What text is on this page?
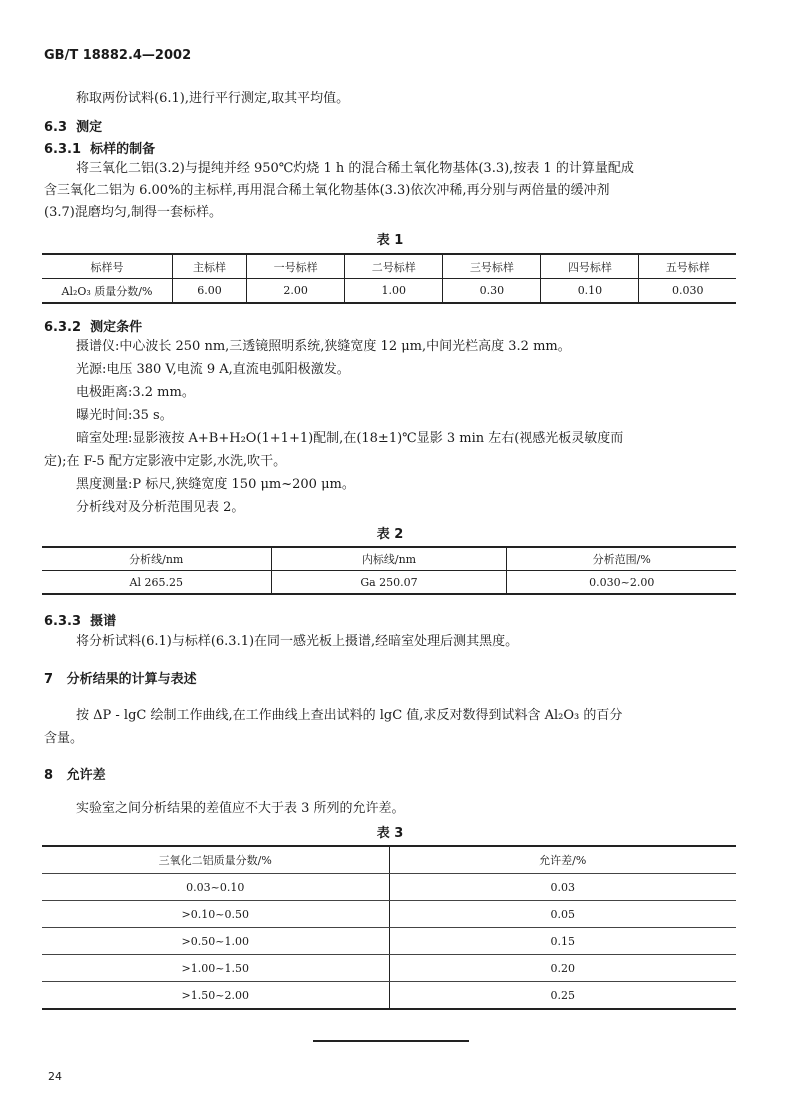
GB/T 18882.4—2002
称取两份试料(6.1),进行平行测定,取其平均值。
6.3 测定
6.3.1 标样的制备
将三氧化二铝(3.2)与提纯并经 950℃灼烧 1 h 的混合稀土氧化物基体(3.3),按表 1 的计算量配成
含三氧化二铝为 6.00%的主标样,再用混合稀土氧化物基体(3.3)依次冲稀,再分别与两倍量的缓冲剂
(3.7)混磨均匀,制得一套标样。
表 1
标样号	主标样	一号标样	二号标样	三号标样	四号标样	五号标样
Al₂O₃ 质量分数/%	6.00	2.00	1.00	0.30	0.10	0.030
6.3.2 测定条件
摄谱仪:中心波长 250 nm,三透镜照明系统,狭缝宽度 12 μm,中间光栏高度 3.2 mm。
光源:电压 380 V,电流 9 A,直流电弧阳极激发。
电极距离:3.2 mm。
曝光时间:35 s。
暗室处理:显影液按 A+B+H₂O(1+1+1)配制,在(18±1)℃显影 3 min 左右(视感光板灵敏度而
定);在 F-5 配方定影液中定影,水洗,吹干。
黑度测量:P 标尺,狭缝宽度 150 μm~200 μm。
分析线对及分析范围见表 2。
表 2
分析线/nm	内标线/nm	分析范围/%
Al 265.25	Ga 250.07	0.030~2.00
6.3.3 摄谱
将分析试料(6.1)与标样(6.3.1)在同一感光板上摄谱,经暗室处理后测其黑度。
7 分析结果的计算与表述
按 ΔP - lgC 绘制工作曲线,在工作曲线上查出试料的 lgC 值,求反对数得到试料含 Al₂O₃ 的百分
含量。
8 允许差
实验室之间分析结果的差值应不大于表 3 所列的允许差。
表 3
三氧化二铝质量分数/%	允许差/%
0.03~0.10	0.03
>0.10~0.50	0.05
>0.50~1.00	0.15
>1.00~1.50	0.20
>1.50~2.00	0.25
24
